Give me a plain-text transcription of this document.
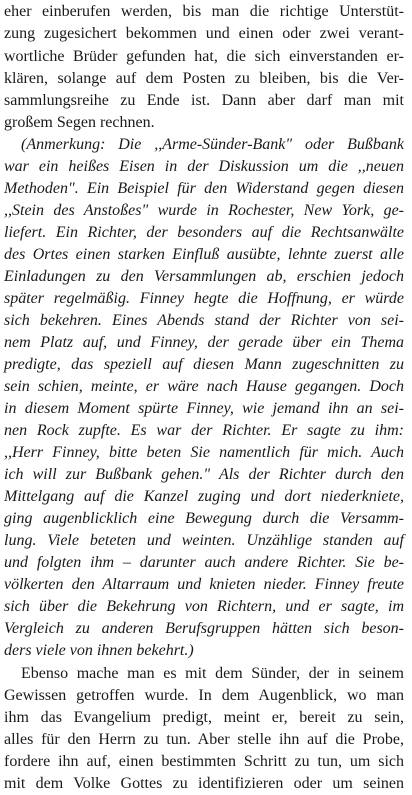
eher einberufen werden, bis man die richtige Unterstüt-
zung zugesichert bekommen und einen oder zwei verant-
wortliche Brüder gefunden hat, die sich einverstanden er-
klären, solange auf dem Posten zu bleiben, bis die Ver-
sammlungsreihe zu Ende ist. Dann aber darf man mit
großem Segen rechnen.
(Anmerkung: Die ,,Arme-Sünder-Bank" oder Bußbank
war ein heißes Eisen in der Diskussion um die ,,neuen
Methoden". Ein Beispiel für den Widerstand gegen diesen
,,Stein des Anstoßes" wurde in Rochester, New York, ge-
liefert. Ein Richter, der besonders auf die Rechtsanwälte
des Ortes einen starken Einfluß ausübte, lehnte zuerst alle
Einladungen zu den Versammlungen ab, erschien jedoch
später regelmäßig. Finney hegte die Hoffnung, er würde
sich bekehren. Eines Abends stand der Richter von sei-
nem Platz auf, und Finney, der gerade über ein Thema
predigte, das speziell auf diesen Mann zugeschnitten zu
sein schien, meinte, er wäre nach Hause gegangen. Doch
in diesem Moment spürte Finney, wie jemand ihn an sei-
nen Rock zupfte. Es war der Richter. Er sagte zu ihm:
,,Herr Finney, bitte beten Sie namentlich für mich. Auch
ich will zur Bußbank gehen." Als der Richter durch den
Mittelgang auf die Kanzel zuging und dort niederkniete,
ging augenblicklich eine Bewegung durch die Versamm-
lung. Viele beteten und weinten. Unzählige standen auf
und folgten ihm – darunter auch andere Richter. Sie be-
völkerten den Altarraum und knieten nieder. Finney freute
sich über die Bekehrung von Richtern, und er sagte, im
Vergleich zu anderen Berufsgruppen hätten sich beson-
ders viele von ihnen bekehrt.)
Ebenso mache man es mit dem Sünder, der in seinem
Gewissen getroffen wurde. In dem Augenblick, wo man
ihm das Evangelium predigt, meint er, bereit zu sein,
alles für den Herrn zu tun. Aber stelle ihn auf die Probe,
fordere ihn auf, einen bestimmten Schritt zu tun, um sich
mit dem Volke Gottes zu identifizieren oder um seinen
